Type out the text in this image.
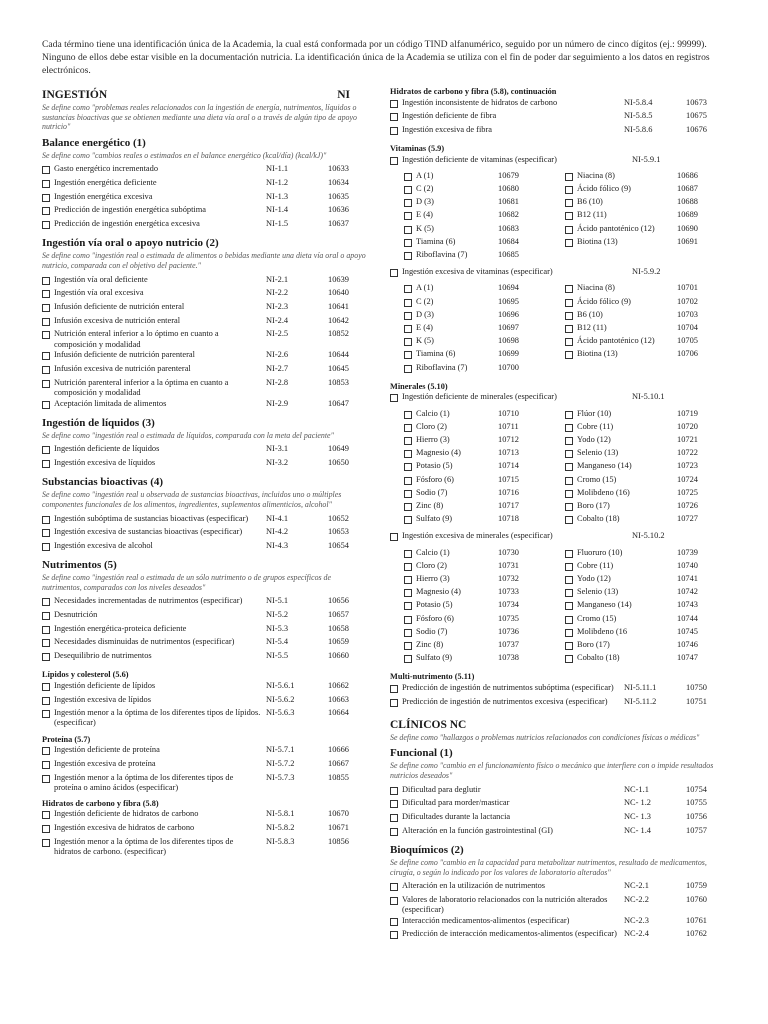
Cada término tiene una identificación única de la Academia, la cual está conformada por un código TIND alfanumérico, seguido por un número de cinco dígitos (ej.: 99999). Ninguno de ellos debe estar visible en la documentación nutricia. La identificación única de la Academia se utiliza con el fin de poder dar seguimiento a los datos en registros electrónicos.
INGESTIÓN	NI
Se define como "problemas reales relacionados con la ingestión de energía, nutrimentos, líquidos o sustancias bioactivas que se obtienen mediante una dieta vía oral o a través de algún tipo de apoyo nutricio"
Balance energético (1)
Se define como "cambios reales o estimados en el balance energético (kcal/día) (kcal/kJ)"
Gasto energético incrementado	NI-1.1	10633
Ingestión energética deficiente	NI-1.2	10634
Ingestión energética excesiva	NI-1.3	10635
Predicción de ingestión energética subóptima	NI-1.4	10636
Predicción de ingestión energética excesiva	NI-1.5	10637
Ingestión vía oral o apoyo nutricio (2)
Se define como "ingestión real o estimada de alimentos o bebidas mediante una dieta vía oral o apoyo nutricio, comparada con el objetivo del paciente."
Ingestión vía oral deficiente	NI-2.1	10639
Ingestión vía oral excesiva	NI-2.2	10640
Infusión deficiente de nutrición enteral	NI-2.3	10641
Infusión excesiva de nutrición enteral	NI-2.4	10642
Nutrición enteral inferior a lo óptimo en cuanto a composición y modalidad
NI-2.5	10852
Infusión deficiente de nutrición parenteral	NI-2.6	10644
Infusión excesiva de nutrición parenteral	NI-2.7	10645
Nutrición parenteral inferior a la óptima en cuanto a composición y modalidad
NI-2.8	10853
Aceptación limitada de alimentos	NI-2.9	10647
Ingestión de líquidos (3)
Se define como "ingestión real o estimada de líquidos, comparada con la meta del paciente"
Ingestión deficiente de líquidos	NI-3.1	10649
Ingestión excesiva de líquidos	NI-3.2	10650
Substancias bioactivas (4)
Se define como "ingestión real u observada de sustancias bioactivas, incluidos uno o múltiples componentes funcionales de los alimentos, ingredientes, suplementos alimenticios, alcohol"
Ingestión subóptima de sustancias bioactivas (especificar)	NI-4.1	10652
Ingestión excesiva de sustancias bioactivas (especificar)	NI-4.2	10653
Ingestión excesiva de alcohol	NI-4.3	10654
Nutrimentos (5)
Se define como "ingestión real o estimada de un sólo nutrimento o de grupos específicos de nutrimentos, comparados con los niveles deseados"
Necesidades incrementadas de nutrimentos (especificar)	NI-5.1	10656
Desnutrición	NI-5.2	10657
Ingestión energética-proteica deficiente	NI-5.3	10658
Necesidades disminuidas de nutrimentos (especificar)	NI-5.4	10659
Desequilibrio de nutrimentos	NI-5.5	10660
Lípidos y colesterol (5.6)
Ingestión deficiente de lípidos	NI-5.6.1	10662
Ingestión excesiva de lípidos	NI-5.6.2	10663
Ingestión menor a la óptima de los diferentes tipos de lípidos. (especificar)
NI-5.6.3	10664
Proteína (5.7)
Ingestión deficiente de proteína	NI-5.7.1	10666
Ingestión excesiva de proteína	NI-5.7.2	10667
Ingestión menor a la óptima de los diferentes tipos de proteína o amino ácidos (especificar)
NI-5.7.3	10855
Hidratos de carbono y fibra (5.8)
Ingestión deficiente de hidratos de carbono	NI-5.8.1	10670
Ingestión excesiva de hidratos de carbono	NI-5.8.2	10671
Ingestión menor a la óptima de los diferentes tipos de hidratos de carbono. (especificar)
NI-5.8.3	10856
Hidratos de carbono y fibra (5.8), continuación
Ingestión inconsistente de hidratos de carbono	NI-5.8.4	10673
Ingestión deficiente de fibra	NI-5.8.5	10675
Ingestión excesiva de fibra	NI-5.8.6	10676
Vitaminas (5.9)
Ingestión deficiente de vitaminas (especificar)	NI-5.9.1
A (1)	10679
C (2)	10680
D (3)	10681
E (4)	10682
K (5)	10683
Tiamina (6)	10684
Riboflavina (7)	10685
Niacina (8)	10686
Ácido fólico (9)	10687
B6 (10)	10688
B12 (11)	10689
Ácido pantoténico (12)	10690
Biotina (13)	10691
Ingestión excesiva de vitaminas (especificar)	NI-5.9.2
A (1)	10694
C (2)	10695
D (3)	10696
E (4)	10697
K (5)	10698
Tiamina (6)	10699
Riboflavina (7)	10700
Niacina (8)	10701
Ácido fólico (9)	10702
B6 (10)	10703
B12 (11)	10704
Ácido pantoténico (12)	10705
Biotina (13)	10706
Minerales (5.10)
Ingestión deficiente de minerales (especificar)	NI-5.10.1
Calcio (1)	10710
Cloro (2)	10711
Hierro (3)	10712
Magnesio (4)	10713
Potasio (5)	10714
Fósforo (6)	10715
Sodio (7)	10716
Zinc (8)	10717
Sulfato (9)	10718
Flúor (10)	10719
Cobre (11)	10720
Yodo (12)	10721
Selenio (13)	10722
Manganeso (14)	10723
Cromo (15)	10724
Molibdeno (16)	10725
Boro (17)	10726
Cobalto (18)	10727
Ingestión excesiva de minerales (especificar)	NI-5.10.2
Calcio (1)	10730
Cloro (2)	10731
Hierro (3)	10732
Magnesio (4)	10733
Potasio (5)	10734
Fósforo (6)	10735
Sodio (7)	10736
Zinc (8)	10737
Sulfato (9)	10738
Fluoruro (10)	10739
Cobre (11)	10740
Yodo (12)	10741
Selenio (13)	10742
Manganeso (14)	10743
Cromo (15)	10744
Molibdeno (16	10745
Boro (17)	10746
Cobalto (18)	10747
Multi-nutrimento (5.11)
Predicción de ingestión de nutrimentos subóptima (especificar)	NI-5.11.1	10750
Predicción de ingestión de nutrimentos excesiva (especificar)	NI-5.11.2	10751
CLÍNICOS NC
Se define como "hallazgos o problemas nutricios relacionados con condiciones físicas o médicas"
Funcional (1)
Se define como "cambio en el funcionamiento físico o mecánico que interfiere con o impide resultados nutricios deseados"
Dificultad para deglutir	NC-1.1	10754
Dificultad para morder/masticar	NC- 1.2	10755
Dificultades durante la lactancia	NC- 1.3	10756
Alteración en la función gastrointestinal (GI)	NC- 1.4	10757
Bioquímicos (2)
Se define como "cambio en la capacidad para metabolizar nutrimentos, resultado de medicamentos, cirugía, o según lo indicado por los valores de laboratorio alterados"
Alteración en la utilización de nutrimentos	NC-2.1	10759
Valores de laboratorio relacionados con la nutrición alterados (especificar)
NC-2.2	10760
Interacción medicamentos-alimentos (especificar)	NC-2.3	10761
Predicción de interacción medicamentos-alimentos (especificar) NC-2.4	10762
